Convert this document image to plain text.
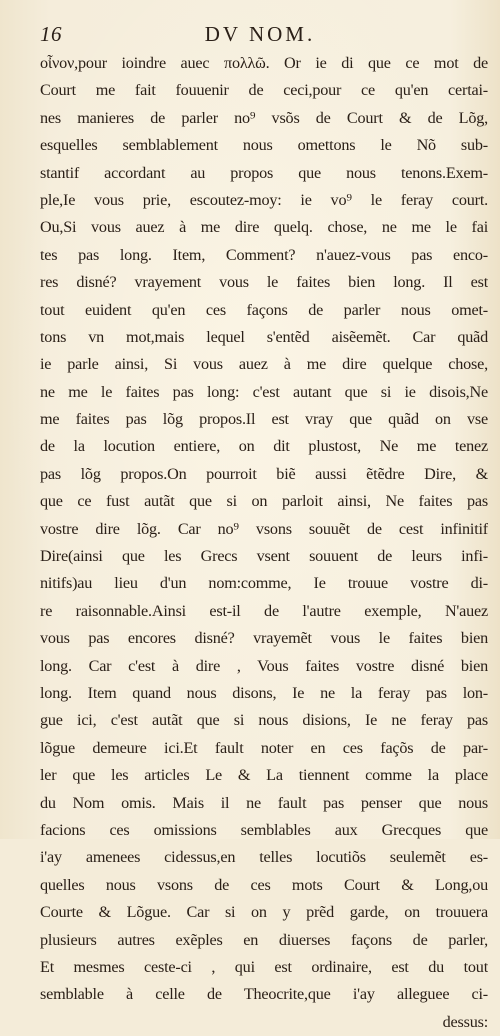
16	DV NOM.
οἶνον,pour ioindre auec πολλῶ. Or ie di que ce mot de
Court me fait fouuenir de ceci,pour ce qu'en certai-
nes manieres de parler no⁹ vsõs de Court & de Lõg,
esquelles semblablement nous omettons le Nõ sub-
stantif accordant au propos que nous tenons.Exem-
ple,Ie vous prie, escoutez-moy: ie vo⁹ le feray court.
Ou,Si vous auez à me dire quelq. chose, ne me le fai
tes pas long. Item, Comment? n'auez-vous pas enco-
res disné? vrayement vous le faites bien long. Il est
tout euident qu'en ces façons de parler nous omet-
tons vn mot,mais lequel s'entẽd aisẽemẽt. Car quãd
ie parle ainsi, Si vous auez à me dire quelque chose,
ne me le faites pas long: c'est autant que si ie disois,Ne
me faites pas lõg propos.Il est vray que quãd on vse
de la locution entiere, on dit plustost, Ne me tenez
pas lõg propos.On pourroit biẽ aussi ẽtẽdre Dire, &
que ce fust autãt que si on parloit ainsi, Ne faites pas
vostre dire lõg. Car no⁹ vsons souuẽt de cest infinitif
Dire(ainsi que les Grecs vsent souuent de leurs infi-
nitifs)au lieu d'un nom:comme, Ie trouue vostre di-
re raisonnable.Ainsi est-il de l'autre exemple, N'auez
vous pas encores disné? vrayemẽt vous le faites bien
long. Car c'est à dire , Vous faites vostre disné bien
long. Item quand nous disons, Ie ne la feray pas lon-
gue ici, c'est autãt que si nous disions, Ie ne feray pas
lõgue demeure ici.Et fault noter en ces façõs de par-
ler que les articles Le & La tiennent comme la place
du Nom omis. Mais il ne fault pas penser que nous
facions ces omissions semblables aux Grecques que
i'ay amenees cidessus,en telles locutiõs seulemẽt es-
quelles nous vsons de ces mots Court & Long,ou
Courte & Lõgue. Car si on y prẽd garde, on trouuera
plusieurs autres exẽples en diuerses façons de parler,
Et mesmes ceste-ci , qui est ordinaire, est du tout
semblable à celle de Theocrite,que i'ay alleguee ci-
dessus:
